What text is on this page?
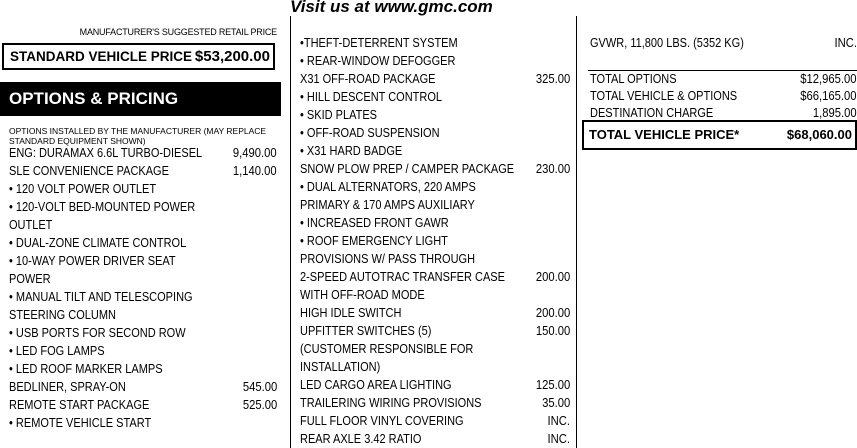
Visit us at www.gmc.com
MANUFACTURER'S SUGGESTED RETAIL PRICE
STANDARD VEHICLE PRICE $53,200.00
OPTIONS & PRICING
OPTIONS INSTALLED BY THE MANUFACTURER (MAY REPLACE STANDARD EQUIPMENT SHOWN)
ENG: DURAMAX 6.6L TURBO-DIESEL 9,490.00
SLE CONVENIENCE PACKAGE	1,140.00
• 120 VOLT POWER OUTLET
• 120-VOLT BED-MOUNTED POWER
OUTLET
• DUAL-ZONE CLIMATE CONTROL
• 10-WAY POWER DRIVER SEAT
POWER
• MANUAL TILT AND TELESCOPING
STEERING COLUMN
• USB PORTS FOR SECOND ROW
• LED FOG LAMPS
• LED ROOF MARKER LAMPS
BEDLINER, SPRAY-ON	545.00
REMOTE START PACKAGE	525.00
• REMOTE VEHICLE START
•THEFT-DETERRENT SYSTEM
• REAR-WINDOW DEFOGGER
X31 OFF-ROAD PACKAGE	325.00
• HILL DESCENT CONTROL
• SKID PLATES
• OFF-ROAD SUSPENSION
• X31 HARD BADGE
SNOW PLOW PREP / CAMPER PACKAGE 230.00
• DUAL ALTERNATORS, 220 AMPS
PRIMARY & 170 AMPS AUXILIARY
• INCREASED FRONT GAWR
• ROOF EMERGENCY LIGHT
PROVISIONS W/ PASS THROUGH
2-SPEED AUTOTRAC TRANSFER CASE 200.00
WITH OFF-ROAD MODE
HIGH IDLE SWITCH	200.00
UPFITTER SWITCHES (5)	150.00
(CUSTOMER RESPONSIBLE FOR
INSTALLATION)
LED CARGO AREA LIGHTING	125.00
TRAILERING WIRING PROVISIONS	35.00
FULL FLOOR VINYL COVERING	INC.
REAR AXLE 3.42 RATIO	INC.
GVWR, 11,800 LBS. (5352 KG)	INC.
TOTAL OPTIONS	$12,965.00
TOTAL VEHICLE & OPTIONS	$66,165.00
DESTINATION CHARGE	1,895.00
TOTAL VEHICLE PRICE*	$68,060.00
